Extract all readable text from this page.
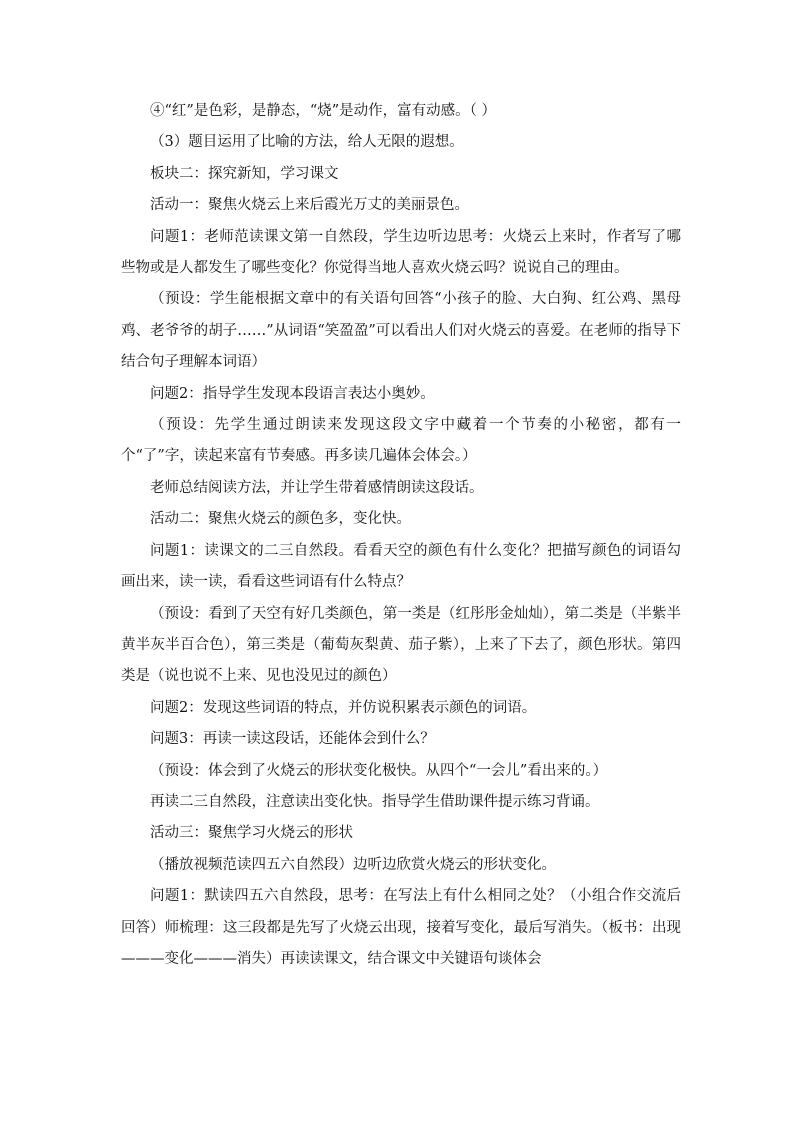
④“红”是色彩，是静态，“烧”是动作，富有动感。（ ）

（3）题目运用了比喻的方法，给人无限的遐想。

板块二：探究新知，学习课文

活动一：聚焦火烧云上来后霞光万丈的美丽景色。

问题1：老师范读课文第一自然段，学生边听边思考：火烧云上来时，作者写了哪些物或是人都发生了哪些变化？你觉得当地人喜欢火烧云吗？说说自己的理由。

（预设：学生能根据文章中的有关语句回答“小孩子的脸、大白狗、红公鸡、黑母鸡、老爷爷的胡子……”从词语“笑盈盈”可以看出人们对火烧云的喜爱。在老师的指导下结合句子理解本词语）

问题2：指导学生发现本段语言表达小奥妙。

（预设：先学生通过朗读来发现这段文字中藏着一个节奏的小秘密，都有一个“了”字，读起来富有节奏感。再多读几遍体会体会。）

老师总结阅读方法，并让学生带着感情朗读这段话。

活动二：聚焦火烧云的颜色多，变化快。

问题1：读课文的二三自然段。看看天空的颜色有什么变化？把描写颜色的词语勾画出来，读一读，看看这些词语有什么特点？

（预设：看到了天空有好几类颜色，第一类是（红彤彤金灿灿），第二类是（半紫半黄半灰半百合色），第三类是（葡萄灰梨黄、茄子紫），上来了下去了，颜色形状。第四类是（说也说不上来、见也没见过的颜色）

问题2：发现这些词语的特点，并仿说积累表示颜色的词语。

问题3：再读一读这段话，还能体会到什么？

（预设：体会到了火烧云的形状变化极快。从四个“一会儿”看出来的。）

再读二三自然段，注意读出变化快。指导学生借助课件提示练习背诵。

活动三：聚焦学习火烧云的形状

（播放视频范读四五六自然段）边听边欣赏火烧云的形状变化。

问题1：默读四五六自然段，思考：在写法上有什么相同之处？（小组合作交流后回答）师梳理：这三段都是先写了火烧云出现，接着写变化，最后写消失。（板书：出现———变化———消失）再读读课文，结合课文中关键语句谈体会
